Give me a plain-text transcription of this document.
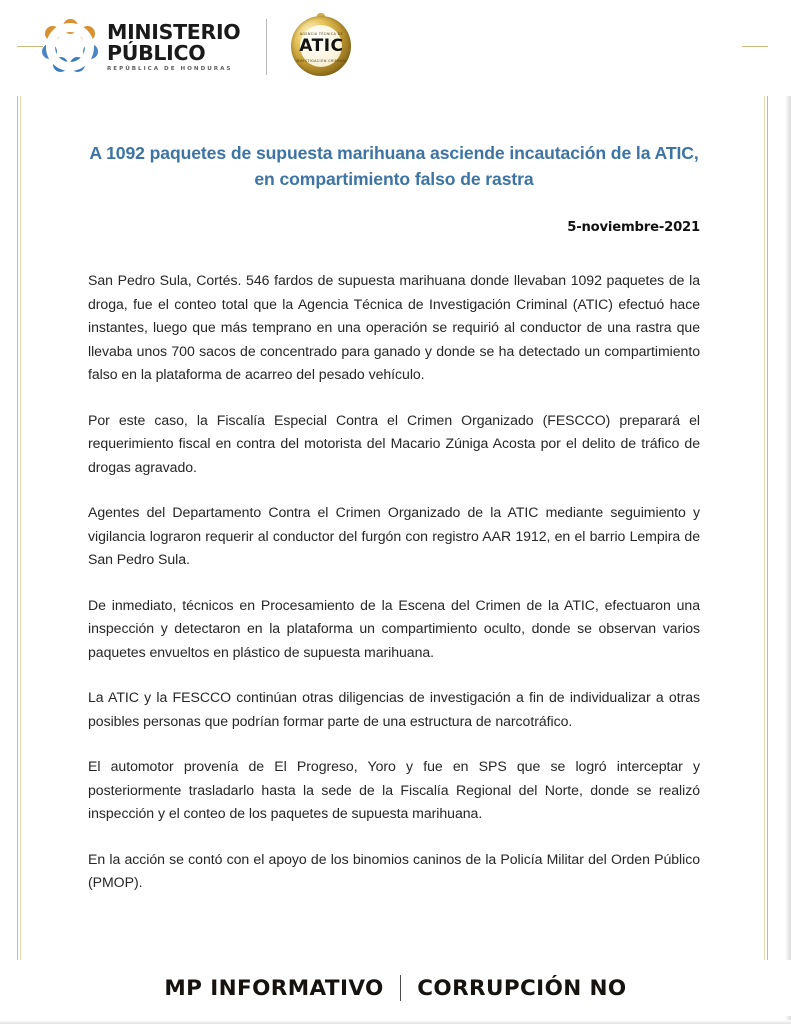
MINISTERIO
PÚBLICO
REPÚBLICA DE HONDURAS
AGENCIA TÉCNICA DE
ATIC
INVESTIGACIÓN CRIMINAL
A 1092 paquetes de supuesta marihuana asciende incautación de la ATIC, en compartimiento falso de rastra
5-noviembre-2021

San Pedro Sula, Cortés. 546 fardos de supuesta marihuana donde llevaban 1092 paquetes de la droga, fue el conteo total que la Agencia Técnica de Investigación Criminal (ATIC) efectuó hace instantes, luego que más temprano en una operación se requirió al conductor de una rastra que llevaba unos 700 sacos de concentrado para ganado y donde se ha detectado un compartimiento falso en la plataforma de acarreo del pesado vehículo.

Por este caso, la Fiscalía Especial Contra el Crimen Organizado (FESCCO) preparará el requerimiento fiscal en contra del motorista del Macario Zúniga Acosta por el delito de tráfico de drogas agravado.

Agentes del Departamento Contra el Crimen Organizado de la ATIC mediante seguimiento y vigilancia lograron requerir al conductor del furgón con registro AAR 1912, en el barrio Lempira de San Pedro Sula.

De inmediato, técnicos en Procesamiento de la Escena del Crimen de la ATIC, efectuaron una inspección y detectaron en la plataforma un compartimiento oculto, donde se observan varios paquetes envueltos en plástico de supuesta marihuana.

La ATIC y la FESCCO continúan otras diligencias de investigación a fin de individualizar a otras posibles personas que podrían formar parte de una estructura de narcotráfico.

El automotor provenía de El Progreso, Yoro y fue en SPS que se logró interceptar y posteriormente trasladarlo hasta la sede de la Fiscalía Regional del Norte, donde se realizó inspección y el conteo de los paquetes de supuesta marihuana.

En la acción se contó con el apoyo de los binomios caninos de la Policía Militar del Orden Público (PMOP).

MP INFORMATIVO CORRUPCIÓN NO
